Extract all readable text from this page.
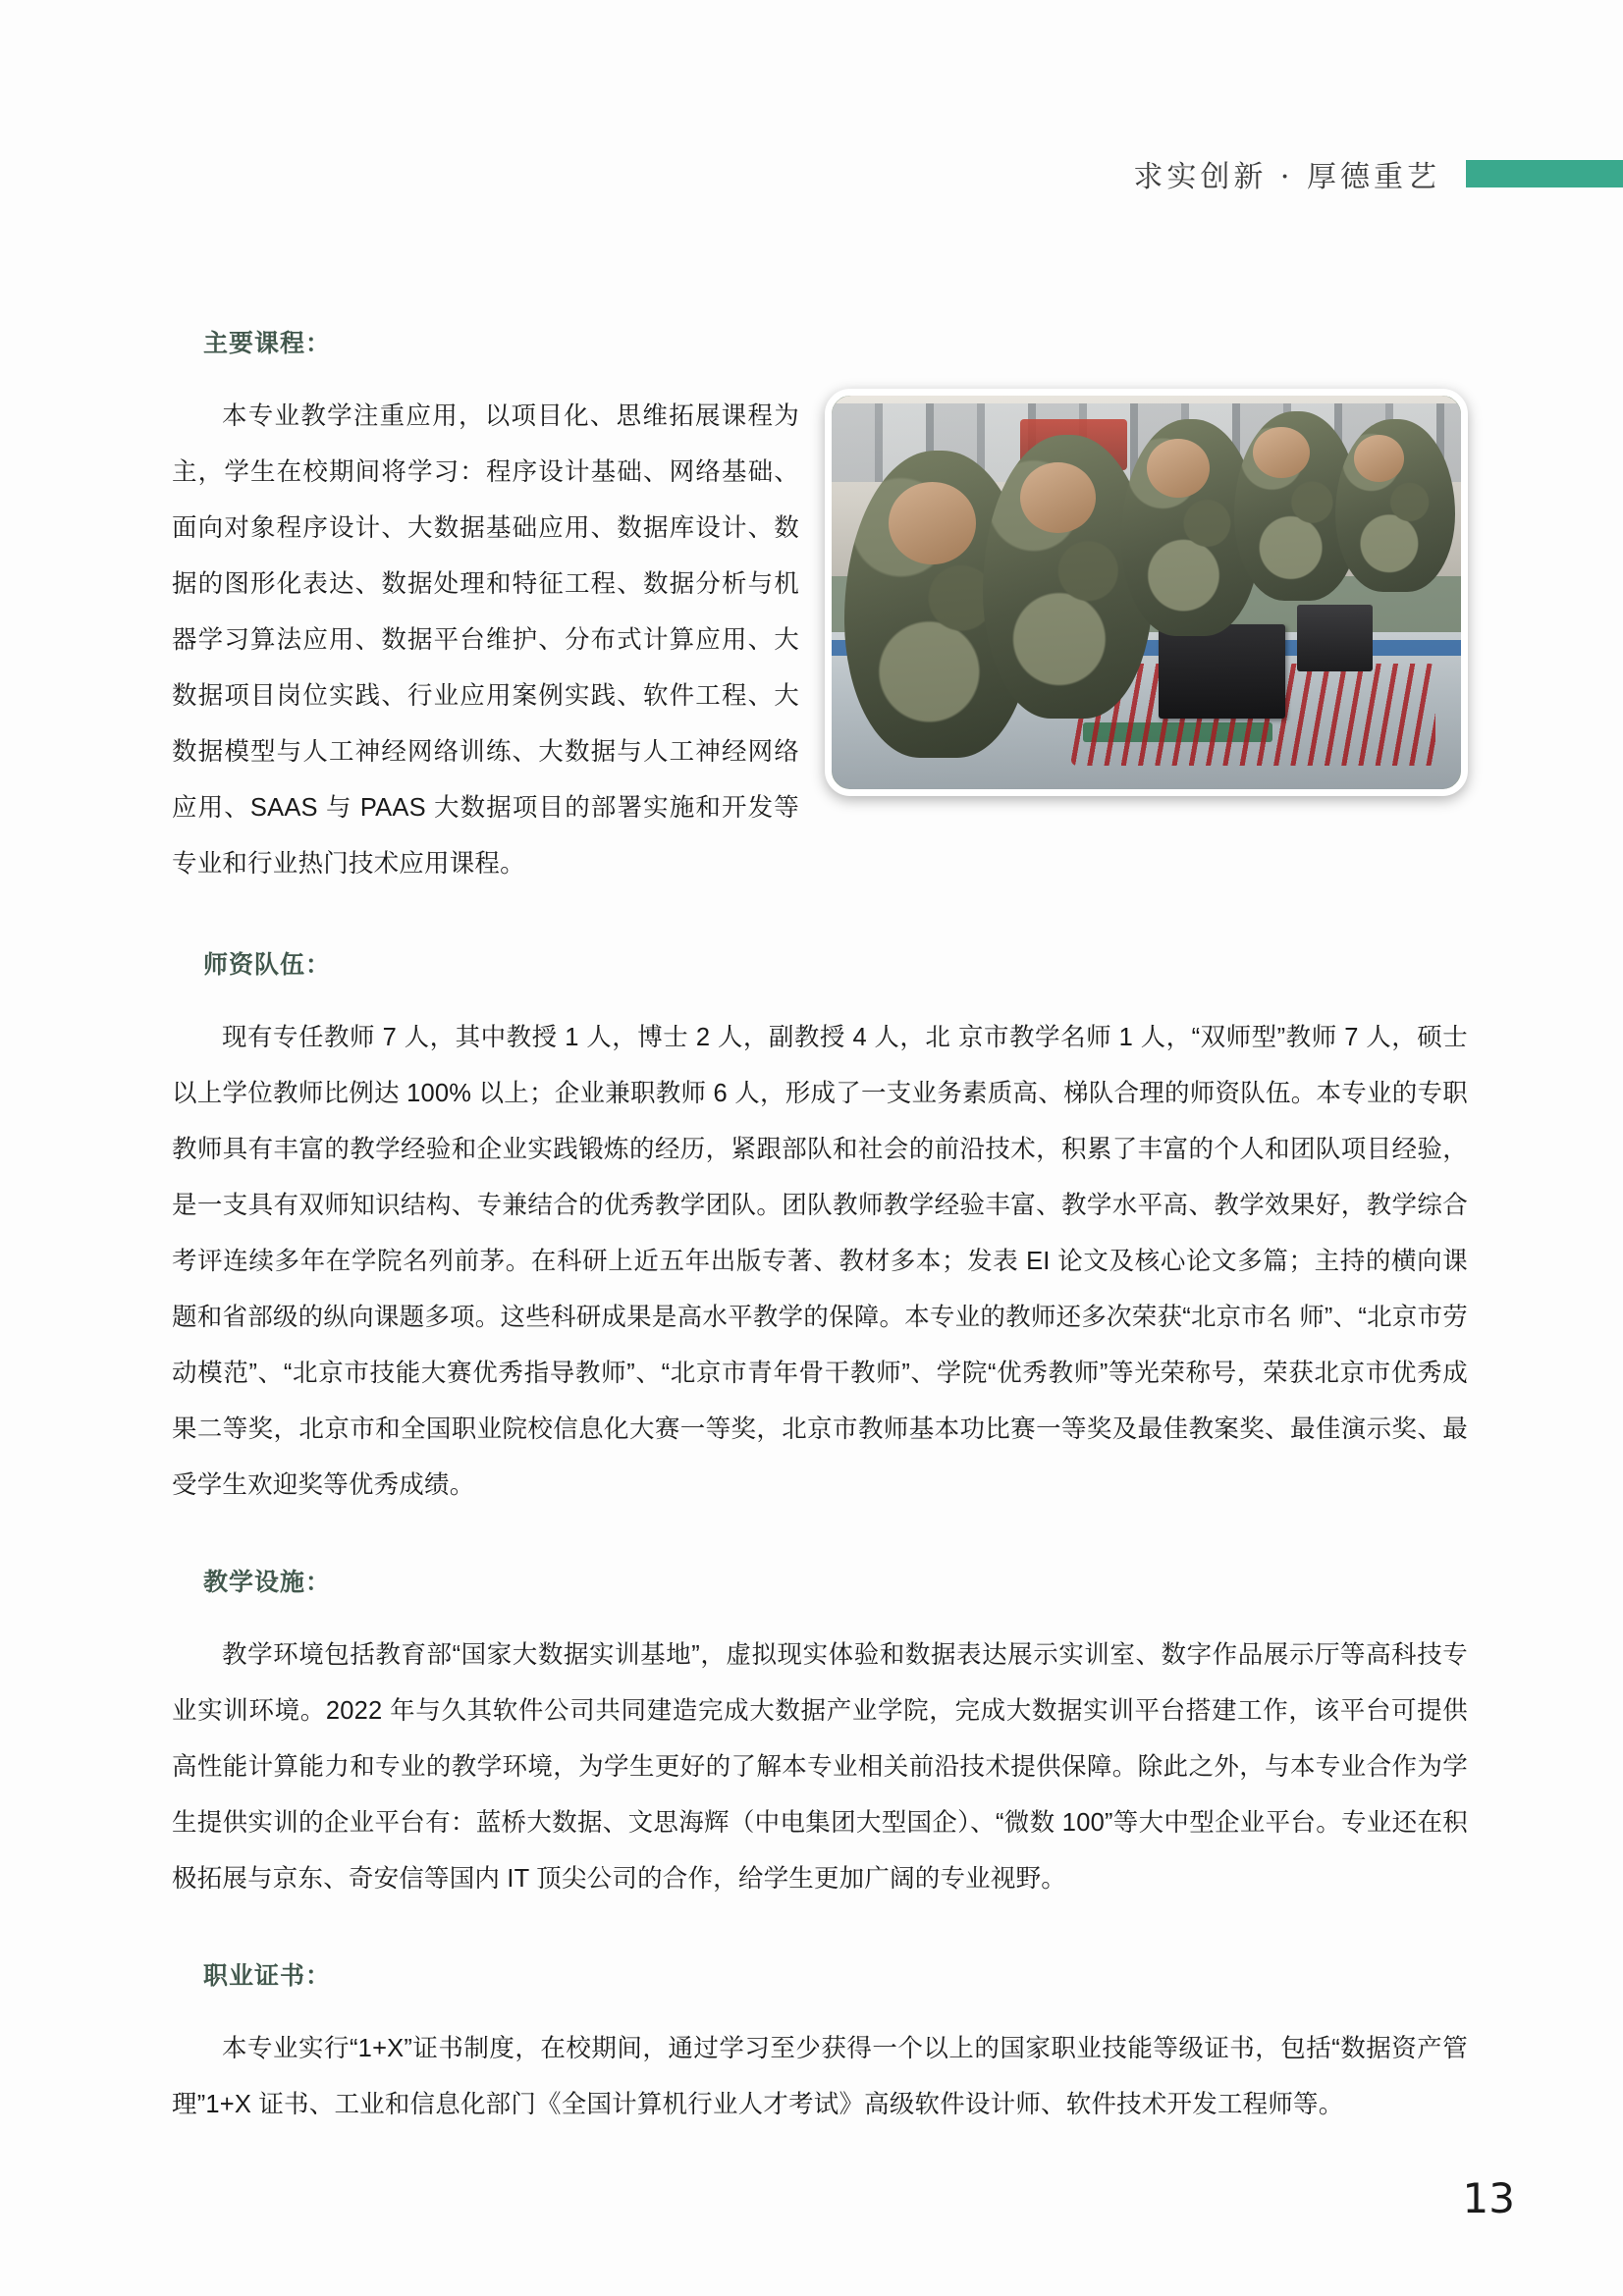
求实创新 · 厚德重艺
主要课程：

本专业教学注重应用，以项目化、思维拓展课程为主，学生在校期间将学习：程序设计基础、网络基础、面向对象程序设计、大数据基础应用、数据库设计、数据的图形化表达、数据处理和特征工程、数据分析与机器学习算法应用、数据平台维护、分布式计算应用、大数据项目岗位实践、行业应用案例实践、软件工程、大数据模型与人工神经网络训练、大数据与人工神经网络应用、SAAS 与 PAAS 大数据项目的部署实施和开发等专业和行业热门技术应用课程。

师资队伍：

现有专任教师 7 人，其中教授 1 人，博士 2 人，副教授 4 人，北 京市教学名师 1 人，“双师型”教师 7 人，硕士以上学位教师比例达 100% 以上；企业兼职教师 6 人，形成了一支业务素质高、梯队合理的师资队伍。本专业的专职教师具有丰富的教学经验和企业实践锻炼的经历，紧跟部队和社会的前沿技术，积累了丰富的个人和团队项目经验，是一支具有双师知识结构、专兼结合的优秀教学团队。团队教师教学经验丰富、教学水平高、教学效果好，教学综合考评连续多年在学院名列前茅。在科研上近五年出版专著、教材多本；发表 EI 论文及核心论文多篇；主持的横向课题和省部级的纵向课题多项。这些科研成果是高水平教学的保障。本专业的教师还多次荣获“北京市名 师”、“北京市劳动模范”、“北京市技能大赛优秀指导教师”、“北京市青年骨干教师”、学院“优秀教师”等光荣称号，荣获北京市优秀成果二等奖，北京市和全国职业院校信息化大赛一等奖，北京市教师基本功比赛一等奖及最佳教案奖、最佳演示奖、最受学生欢迎奖等优秀成绩。

教学设施：

教学环境包括教育部“国家大数据实训基地”，虚拟现实体验和数据表达展示实训室、数字作品展示厅等高科技专业实训环境。2022 年与久其软件公司共同建造完成大数据产业学院，完成大数据实训平台搭建工作，该平台可提供高性能计算能力和专业的教学环境，为学生更好的了解本专业相关前沿技术提供保障。除此之外，与本专业合作为学生提供实训的企业平台有：蓝桥大数据、文思海辉（中电集团大型国企）、“微数 100”等大中型企业平台。专业还在积极拓展与京东、奇安信等国内 IT 顶尖公司的合作，给学生更加广阔的专业视野。

职业证书：

本专业实行“1+X”证书制度，在校期间，通过学习至少获得一个以上的国家职业技能等级证书，包括“数据资产管理”1+X 证书、工业和信息化部门《全国计算机行业人才考试》高级软件设计师、软件技术开发工程师等。

13
